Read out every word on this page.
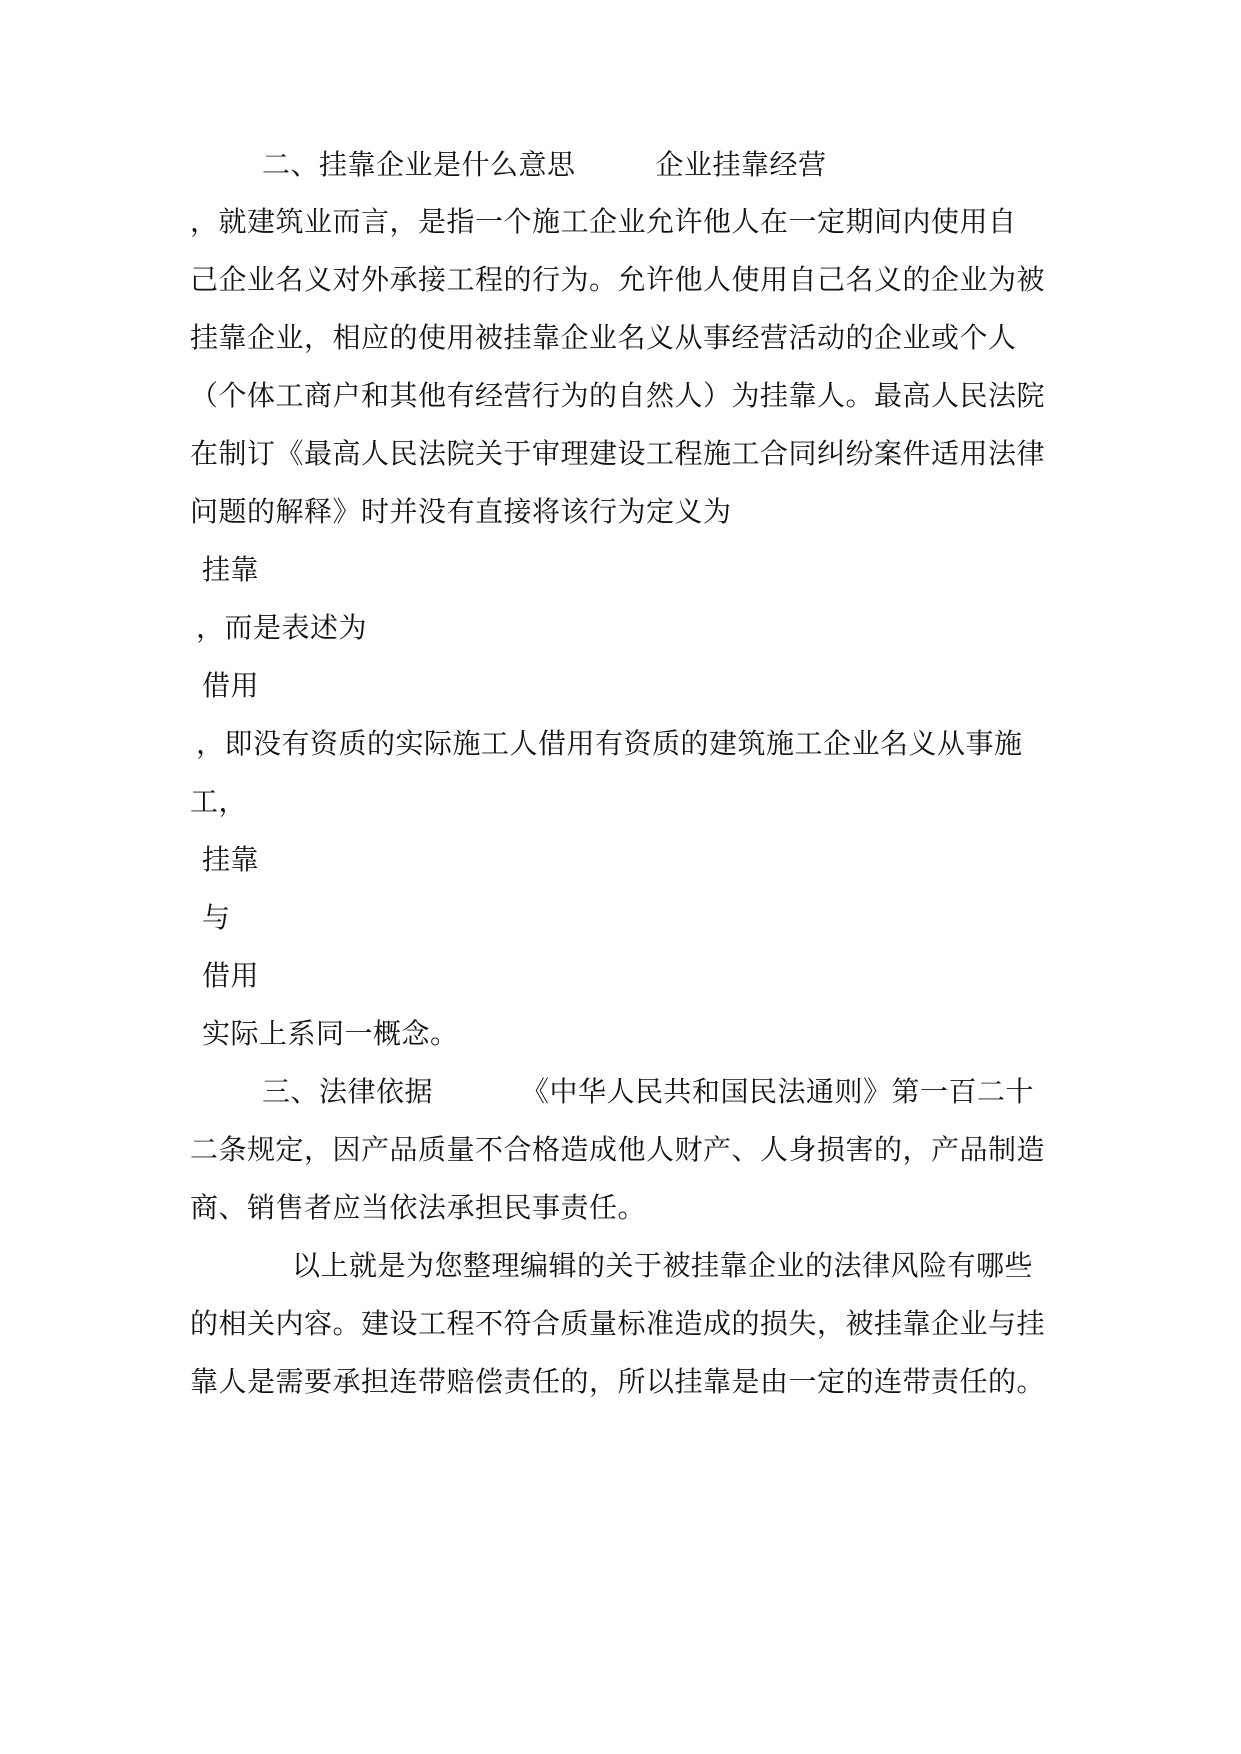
二、挂靠企业是什么意思	企业挂靠经营
，就建筑业而言，是指一个施工企业允许他人在一定期间内使用自
己企业名义对外承接工程的行为。允许他人使用自己名义的企业为被
挂靠企业，相应的使用被挂靠企业名义从事经营活动的企业或个人
（个体工商户和其他有经营行为的自然人）为挂靠人。最高人民法院
在制订《最高人民法院关于审理建设工程施工合同纠纷案件适用法律
问题的解释》时并没有直接将该行为定义为
挂靠
，而是表述为
借用
，即没有资质的实际施工人借用有资质的建筑施工企业名义从事施
工，
挂靠
与
借用
实际上系同一概念。
三、法律依据	《中华人民共和国民法通则》第一百二十
二条规定，因产品质量不合格造成他人财产、人身损害的，产品制造
商、销售者应当依法承担民事责任。
以上就是为您整理编辑的关于被挂靠企业的法律风险有哪些
的相关内容。建设工程不符合质量标准造成的损失，被挂靠企业与挂
靠人是需要承担连带赔偿责任的，所以挂靠是由一定的连带责任的。
